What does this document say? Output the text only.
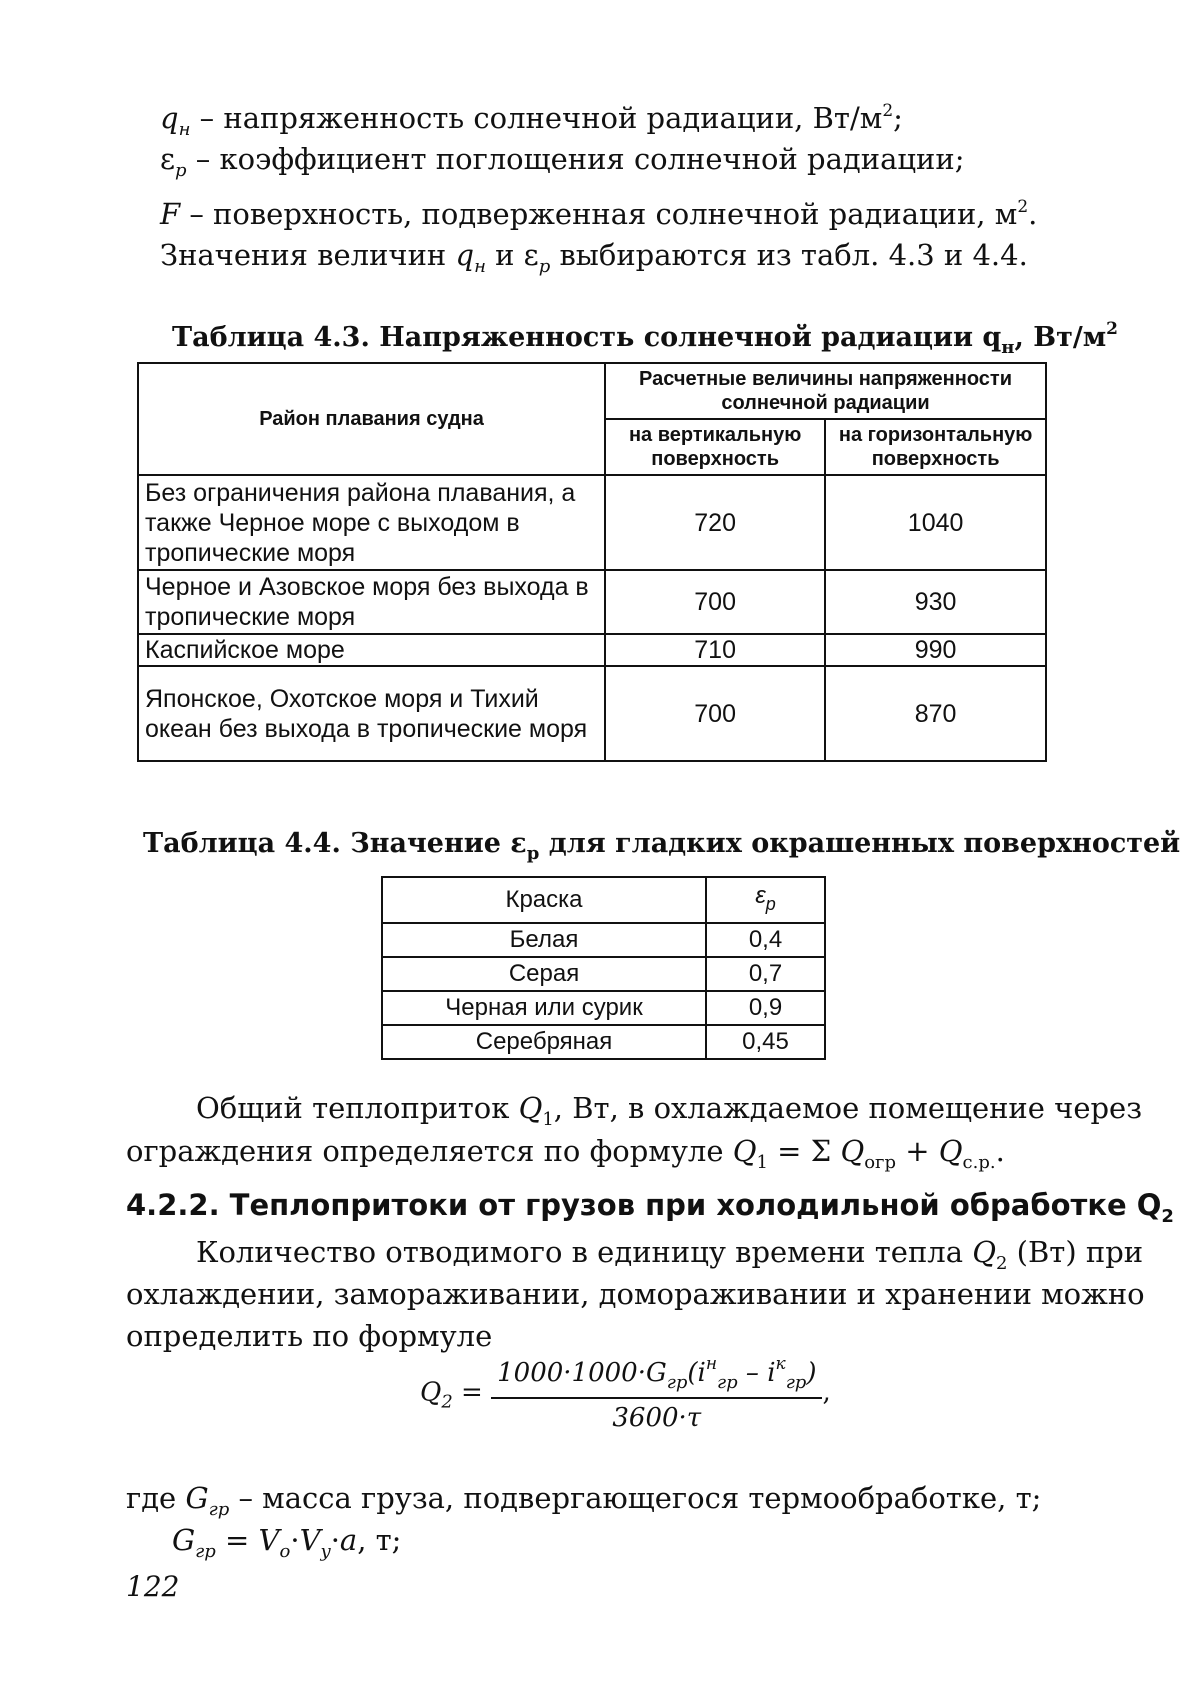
$q_н$ – напряженность солнечной радиации, $Вт/м^2$;
$\varepsilon_p$ – коэффициент поглощения солнечной радиации;
F – поверхность, подверженная солнечной радиации, $м^2$.
Значения величин $q_н$ и $\varepsilon_р$ выбираются из табл. 4.3 и 4.4.
Таблица 4.3. Напряженность солнечной радиации $q_н$, $Вт/м^2$
Район плавания судна	Расчетные величины напряженности солнечной радиации	
	на вертикальную поверхность	на горизонтальную поверхность
Без ограничения района плавания, а также Черное море с выходом в тропические моря	720	1040
Черное и Азовское моря без выхода в тропические моря	700	930
Каспийское море	710	990
Японское, Охотское моря и Тихий океан без выхода в тропические моря	700	870
Таблица 4.4. Значение $\varepsilon_р$ для гладких окрашенных поверхностей
Краска	$\varepsilon_р$
Белая	0,4
Серая	0,7
Черная или сурик	0,9
Серебряная	0,45
Общий теплоприток $Q_1$, Вт, в охлаждаемое помещение через
ограждения определяется по формуле $Q_1 = \Sigma$ $Q_{огр} + Q_{с.р.}$.
4.2.2. Теплопритоки от грузов при холодильной обработке $Q_2$
Количество отводимого в единицу времени тепла $Q_2$ (Вт) при
охлаждении, замораживании, домораживании и хранении можно
определить по формуле
$Q_2 = \frac{1000\cdot 1000\cdot G_{гр}(i^н_{гр} - i^к_{гр})}{3600\cdot\tau}$ ,
где $G_{гр}$ – масса груза, подвергающегося термообработке, т;
$G_{гр} = V_o\cdot V_y\cdot a$, т;
122
